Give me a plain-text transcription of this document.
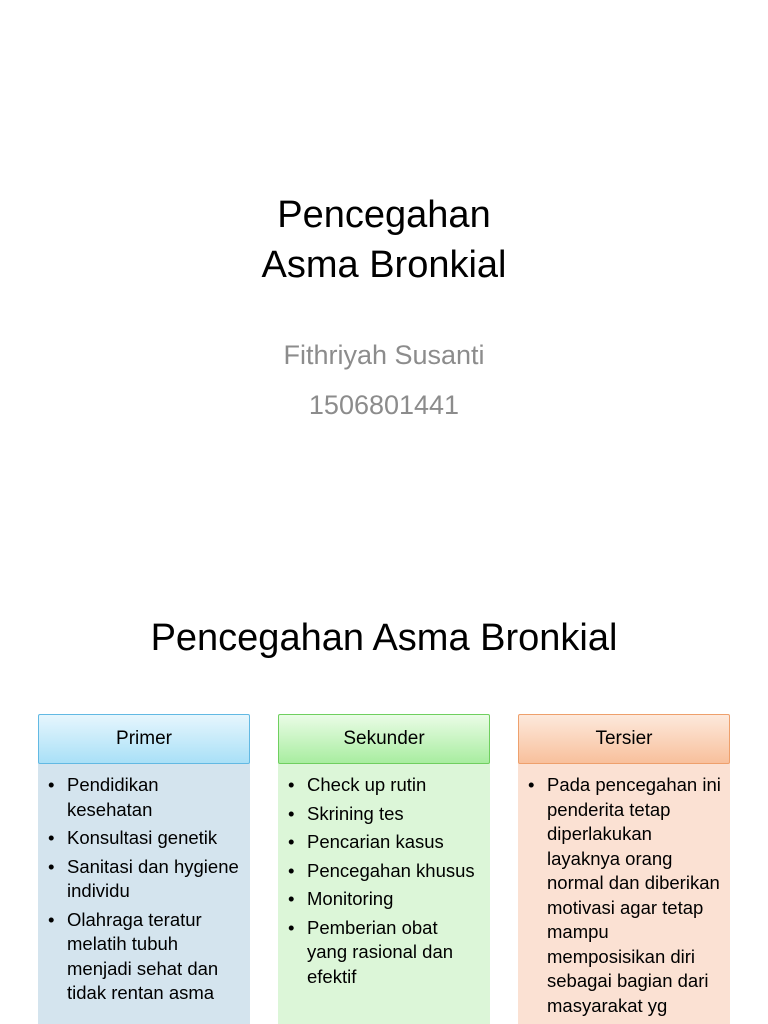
Pencegahan
Asma Bronkial
Fithriyah Susanti
1506801441
Pencegahan Asma Bronkial
Primer
• Pendidikan kesehatan
• Konsultasi genetik
• Sanitasi dan hygiene individu
• Olahraga teratur melatih tubuh menjadi sehat dan tidak rentan asma
Sekunder
• Check up rutin
• Skrining tes
• Pencarian kasus
• Pencegahan khusus
• Monitoring
• Pemberian obat yang rasional dan efektif
Tersier
• Pada pencegahan ini penderita tetap diperlakukan layaknya orang normal dan diberikan motivasi agar tetap mampu memposisikan diri sebagai bagian dari masyarakat yg
